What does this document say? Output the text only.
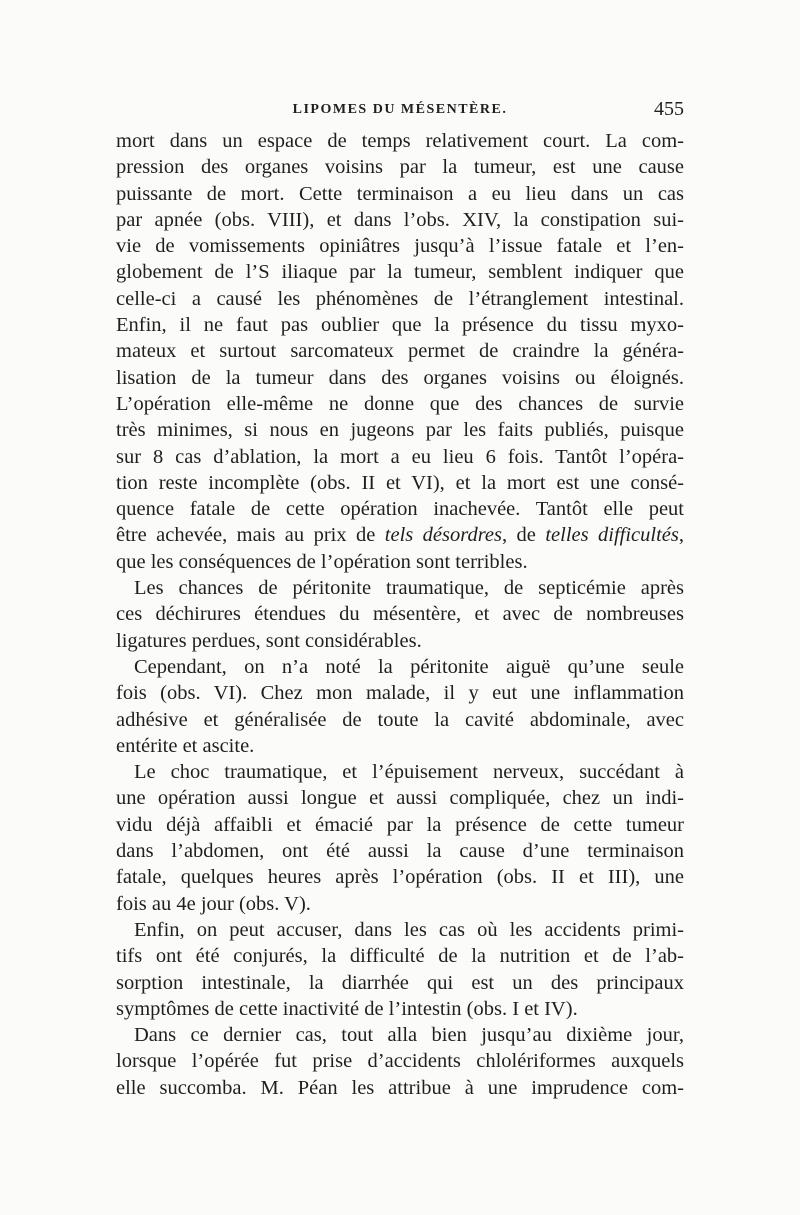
LIPOMES DU MÉSENTÈRE.	455
mort dans un espace de temps relativement court. La com-
pression des organes voisins par la tumeur, est une cause
puissante de mort. Cette terminaison a eu lieu dans un cas
par apnée (obs. VIII), et dans l’obs. XIV, la constipation sui-
vie de vomissements opiniâtres jusqu’à l’issue fatale et l’en-
globement de l’S iliaque par la tumeur, semblent indiquer que
celle-ci a causé les phénomènes de l’étranglement intestinal.
Enfin, il ne faut pas oublier que la présence du tissu myxo-
mateux et surtout sarcomateux permet de craindre la généra-
lisation de la tumeur dans des organes voisins ou éloignés.
L’opération elle-même ne donne que des chances de survie
très minimes, si nous en jugeons par les faits publiés, puisque
sur 8 cas d’ablation, la mort a eu lieu 6 fois. Tantôt l’opéra-
tion reste incomplète (obs. II et VI), et la mort est une consé-
quence fatale de cette opération inachevée. Tantôt elle peut
être achevée, mais au prix de tels désordres, de telles difficultés,
que les conséquences de l’opération sont terribles.
Les chances de péritonite traumatique, de septicémie après
ces déchirures étendues du mésentère, et avec de nombreuses
ligatures perdues, sont considérables.
Cependant, on n’a noté la péritonite aiguë qu’une seule
fois (obs. VI). Chez mon malade, il y eut une inflammation
adhésive et généralisée de toute la cavité abdominale, avec
entérite et ascite.
Le choc traumatique, et l’épuisement nerveux, succédant à
une opération aussi longue et aussi compliquée, chez un indi-
vidu déjà affaibli et émacié par la présence de cette tumeur
dans l’abdomen, ont été aussi la cause d’une terminaison
fatale, quelques heures après l’opération (obs. II et III), une
fois au 4e jour (obs. V).
Enfin, on peut accuser, dans les cas où les accidents primi-
tifs ont été conjurés, la difficulté de la nutrition et de l’ab-
sorption intestinale, la diarrhée qui est un des principaux
symptômes de cette inactivité de l’intestin (obs. I et IV).
Dans ce dernier cas, tout alla bien jusqu’au dixième jour,
lorsque l’opérée fut prise d’accidents chlolériformes auxquels
elle succomba. M. Péan les attribue à une imprudence com-
